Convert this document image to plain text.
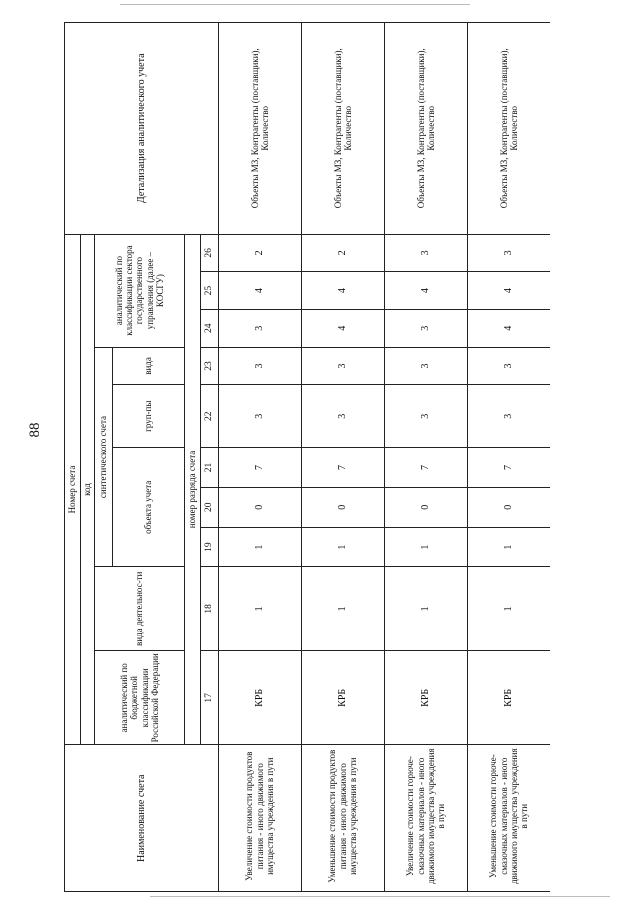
88
Наименование счета	Номер счета										Детализация аналитического учета
	код										
	аналитический по бюджетной классификации Российской Федерации	вида деятельнос-ти	синтетического счета					аналитический по классификации сектора государственного управления (далее – КОСГУ)			
			объекта учета			груп-пы	вида				
	номер разряда счета										
	17	18	19	20	21	22	23	24	25	26	
Увеличение стоимости продуктов питания - иного движимого имущества учреждения в пути	КРБ	1	1	0	7	3	3	3	4	2	Объекты МЗ, Контрагенты (поставщики), Количество
Уменьшение стоимости продуктов питания - иного движимого имущества учреждения в пути	КРБ	1	1	0	7	3	3	4	4	2	Объекты МЗ, Контрагенты (поставщики), Количество
Увеличение стоимости горюче-смазочных материалов - иного движимого имущества учреждения в пути	КРБ	1	1	0	7	3	3	3	4	3	Объекты МЗ, Контрагенты (поставщики), Количество
Уменьшение стоимости горюче-смазочных материалов - иного движимого имущества учреждения в пути	КРБ	1	1	0	7	3	3	4	4	3	Объекты МЗ, Контрагенты (поставщики), Количество
